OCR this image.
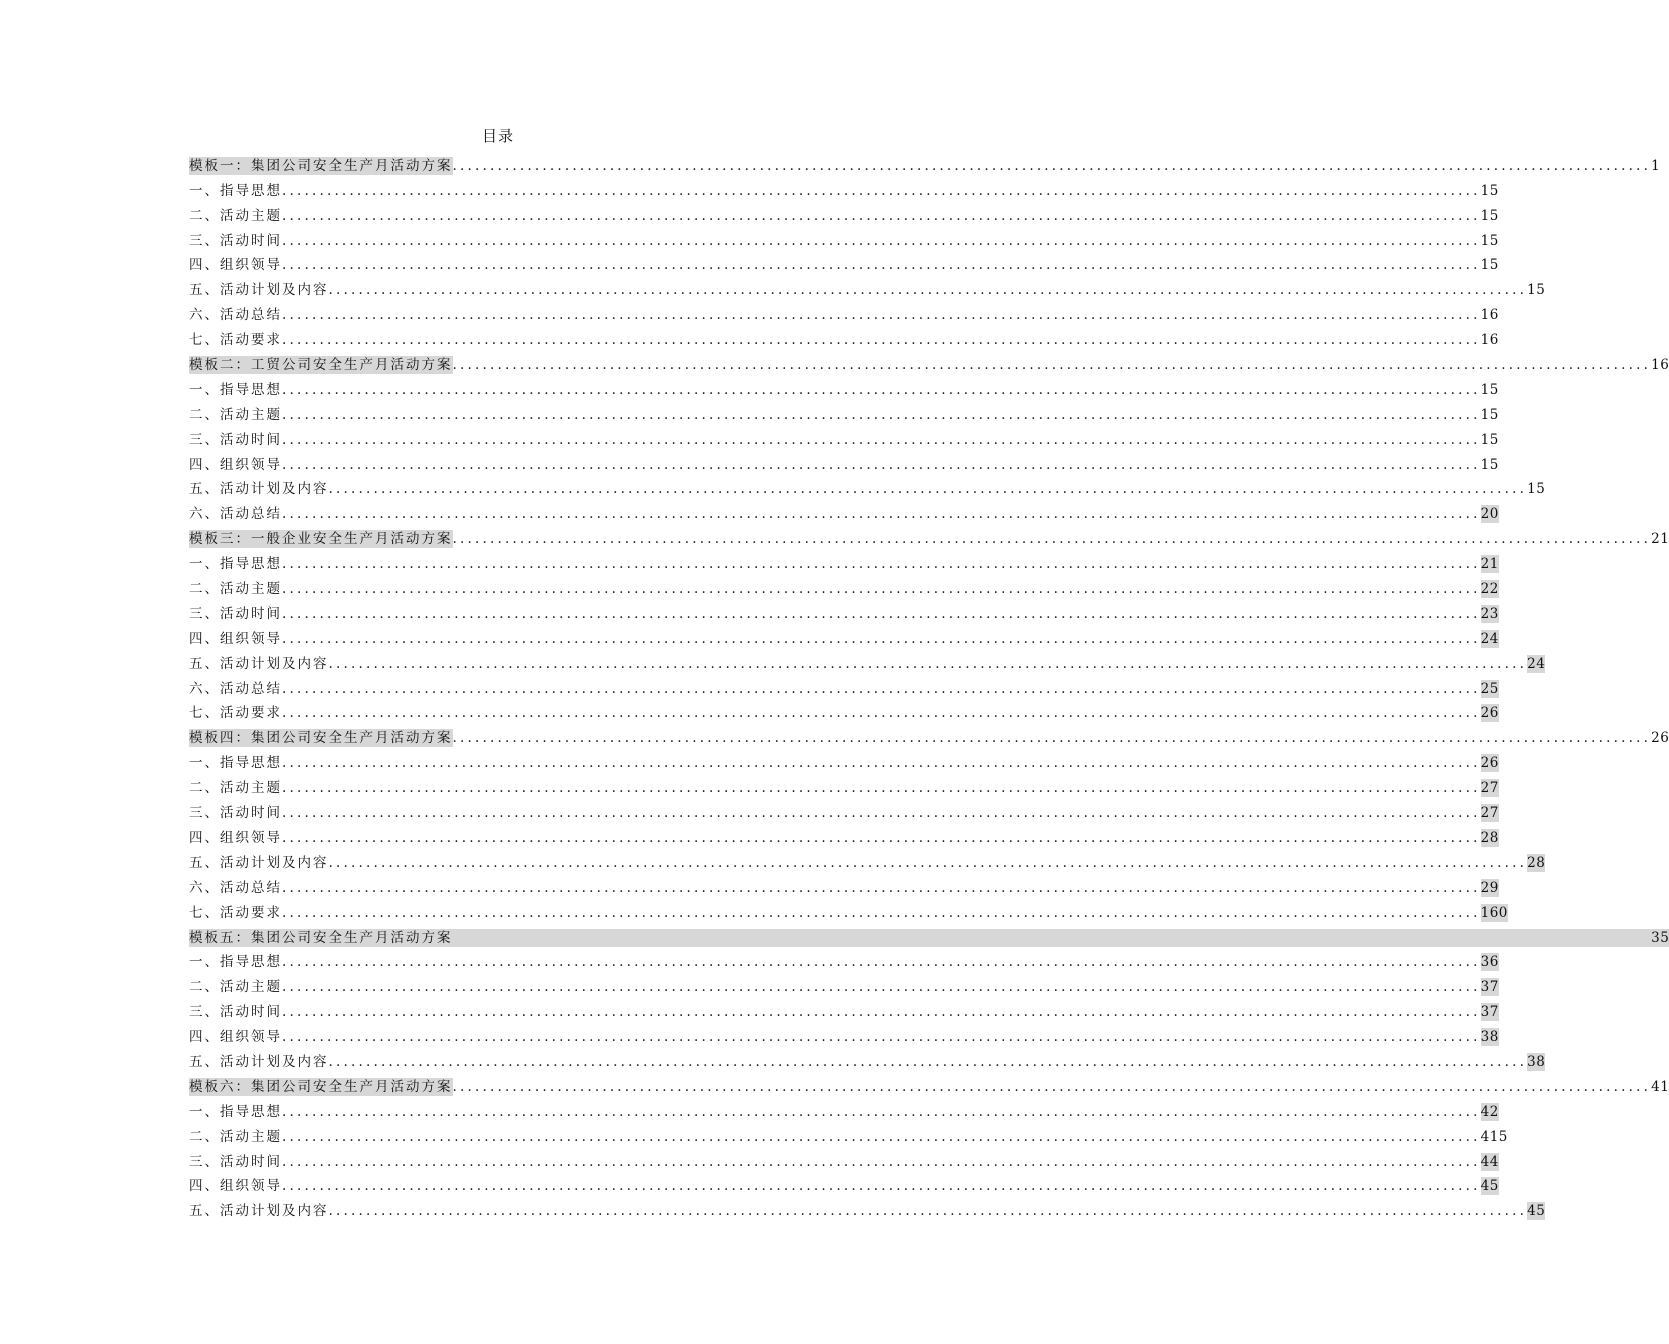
目录
模板一：集团公司安全生产月活动方案 ................................................................................................................................................................ 1
一、指导思想 ................................................................................................................................................................ 15
二、活动主题 ................................................................................................................................................................ 15
三、活动时间 ................................................................................................................................................................ 15
四、组织领导 ................................................................................................................................................................ 15
五、活动计划及内容 ................................................................................................................................................................ 15
六、活动总结 ................................................................................................................................................................ 16
七、活动要求 ................................................................................................................................................................ 16
模板二：工贸公司安全生产月活动方案 ................................................................................................................................................................ 16
一、指导思想 ................................................................................................................................................................ 15
二、活动主题 ................................................................................................................................................................ 15
三、活动时间 ................................................................................................................................................................ 15
四、组织领导 ................................................................................................................................................................ 15
五、活动计划及内容 ................................................................................................................................................................ 15
六、活动总结 ................................................................................................................................................................ 20
模板三：一般企业安全生产月活动方案 ................................................................................................................................................................ 21
一、指导思想 ................................................................................................................................................................ 21
二、活动主题 ................................................................................................................................................................ 22
三、活动时间 ................................................................................................................................................................ 23
四、组织领导 ................................................................................................................................................................ 24
五、活动计划及内容 ................................................................................................................................................................ 24
六、活动总结 ................................................................................................................................................................ 25
七、活动要求 ................................................................................................................................................................ 26
模板四：集团公司安全生产月活动方案 ................................................................................................................................................................ 26
一、指导思想 ................................................................................................................................................................ 26
二、活动主题 ................................................................................................................................................................ 27
三、活动时间 ................................................................................................................................................................ 27
四、组织领导 ................................................................................................................................................................ 28
五、活动计划及内容 ................................................................................................................................................................ 28
六、活动总结 ................................................................................................................................................................ 29
七、活动要求 ................................................................................................................................................................ 160
模板五：集团公司安全生产月活动方案	35
一、指导思想 ................................................................................................................................................................ 36
二、活动主题 ................................................................................................................................................................ 37
三、活动时间 ................................................................................................................................................................ 37
四、组织领导 ................................................................................................................................................................ 38
五、活动计划及内容 ................................................................................................................................................................ 38
模板六：集团公司安全生产月活动方案 ................................................................................................................................................................ 41
一、指导思想 ................................................................................................................................................................ 42
二、活动主题 ................................................................................................................................................................ 415
三、活动时间 ................................................................................................................................................................ 44
四、组织领导 ................................................................................................................................................................ 45
五、活动计划及内容 ................................................................................................................................................................ 45
